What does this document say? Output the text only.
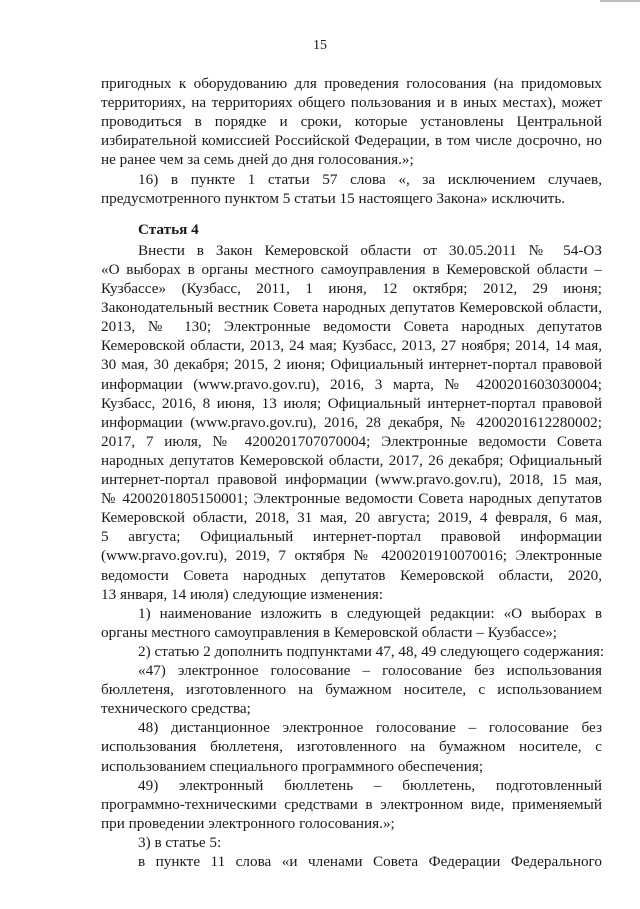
15
пригодных к оборудованию для проведения голосования (на придомовых
территориях, на территориях общего пользования и в иных местах), может
проводиться в порядке и сроки, которые установлены Центральной
избирательной комиссией Российской Федерации, в том числе досрочно, но
не ранее чем за семь дней до дня голосования.»;
16) в пункте 1 статьи 57 слова «, за исключением случаев,
предусмотренного пунктом 5 статьи 15 настоящего Закона» исключить.
Статья 4
Внести в Закон Кемеровской области от 30.05.2011 № 54-ОЗ
«О выборах в органы местного самоуправления в Кемеровской области –
Кузбассе» (Кузбасс, 2011, 1 июня, 12 октября; 2012, 29 июня;
Законодательный вестник Совета народных депутатов Кемеровской области,
2013, № 130; Электронные ведомости Совета народных депутатов
Кемеровской области, 2013, 24 мая; Кузбасс, 2013, 27 ноября; 2014, 14 мая,
30 мая, 30 декабря; 2015, 2 июня; Официальный интернет-портал правовой
информации (www.pravo.gov.ru), 2016, 3 марта, № 4200201603030004;
Кузбасс, 2016, 8 июня, 13 июля; Официальный интернет-портал правовой
информации (www.pravo.gov.ru), 2016, 28 декабря, № 4200201612280002;
2017, 7 июля, № 4200201707070004; Электронные ведомости Совета
народных депутатов Кемеровской области, 2017, 26 декабря; Официальный
интернет-портал правовой информации (www.pravo.gov.ru), 2018, 15 мая,
№ 4200201805150001; Электронные ведомости Совета народных депутатов
Кемеровской области, 2018, 31 мая, 20 августа; 2019, 4 февраля, 6 мая,
5 августа; Официальный интернет-портал правовой информации
(www.pravo.gov.ru), 2019, 7 октября № 4200201910070016; Электронные
ведомости Совета народных депутатов Кемеровской области, 2020,
13 января, 14 июля) следующие изменения:
1) наименование изложить в следующей редакции: «О выборах в
органы местного самоуправления в Кемеровской области – Кузбассе»;
2) статью 2 дополнить подпунктами 47, 48, 49 следующего содержания:
«47) электронное голосование – голосование без использования
бюллетеня, изготовленного на бумажном носителе, с использованием
технического средства;
48) дистанционное электронное голосование – голосование без
использования бюллетеня, изготовленного на бумажном носителе, с
использованием специального программного обеспечения;
49) электронный бюллетень – бюллетень, подготовленный
программно-техническими средствами в электронном виде, применяемый
при проведении электронного голосования.»;
3) в статье 5:
в пункте 11 слова «и членами Совета Федерации Федерального
